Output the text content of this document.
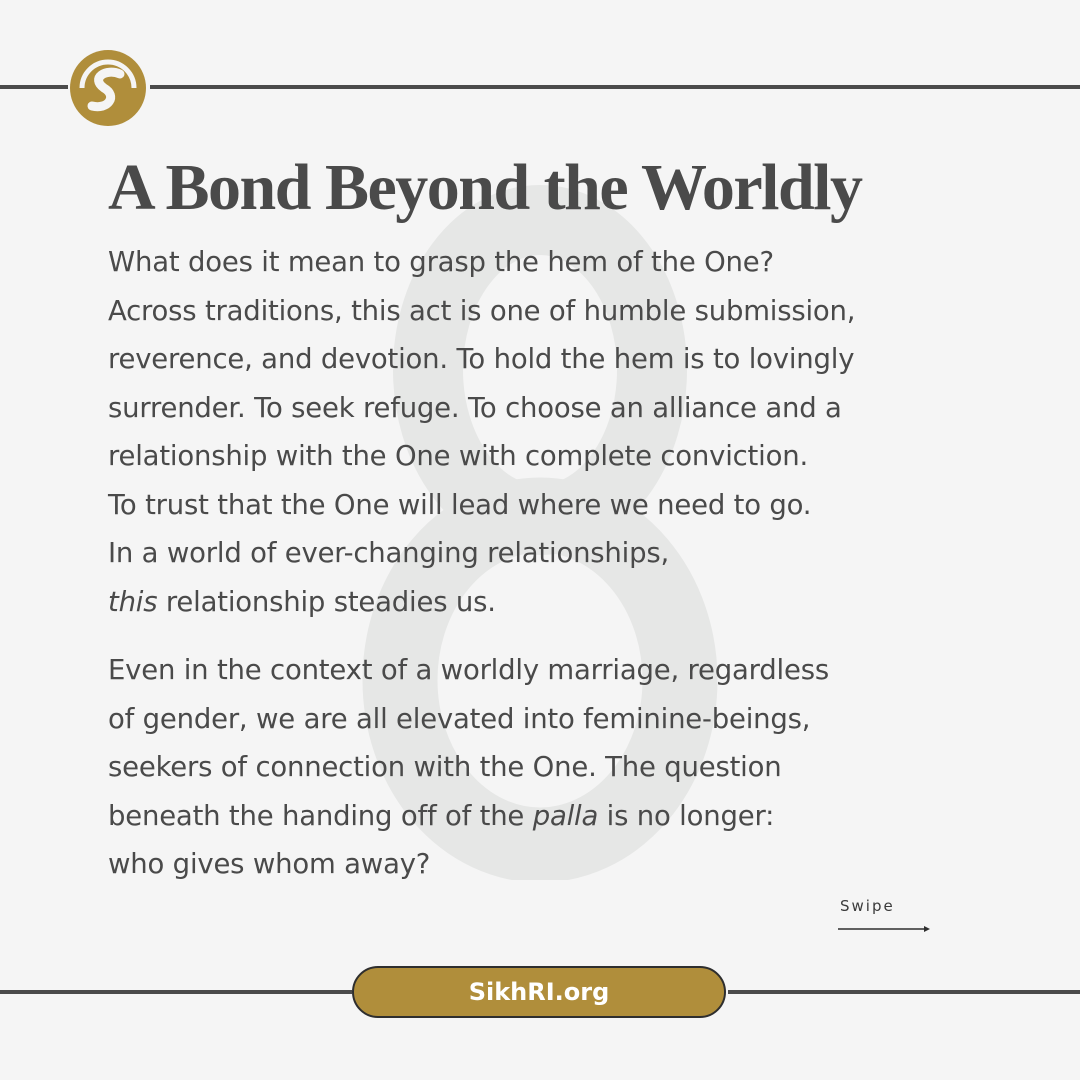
A Bond Beyond the Worldly
What does it mean to grasp the hem of the One?
Across traditions, this act is one of humble submission,
reverence, and devotion. To hold the hem is to lovingly
surrender. To seek refuge. To choose an alliance and a
relationship with the One with complete conviction.
To trust that the One will lead where we need to go.
In a world of ever-changing relationships,
this relationship steadies us.
Even in the context of a worldly marriage, regardless
of gender, we are all elevated into feminine-beings,
seekers of connection with the One. The question
beneath the handing off of the palla is no longer:
who gives whom away?
Swipe
SikhRI.org
